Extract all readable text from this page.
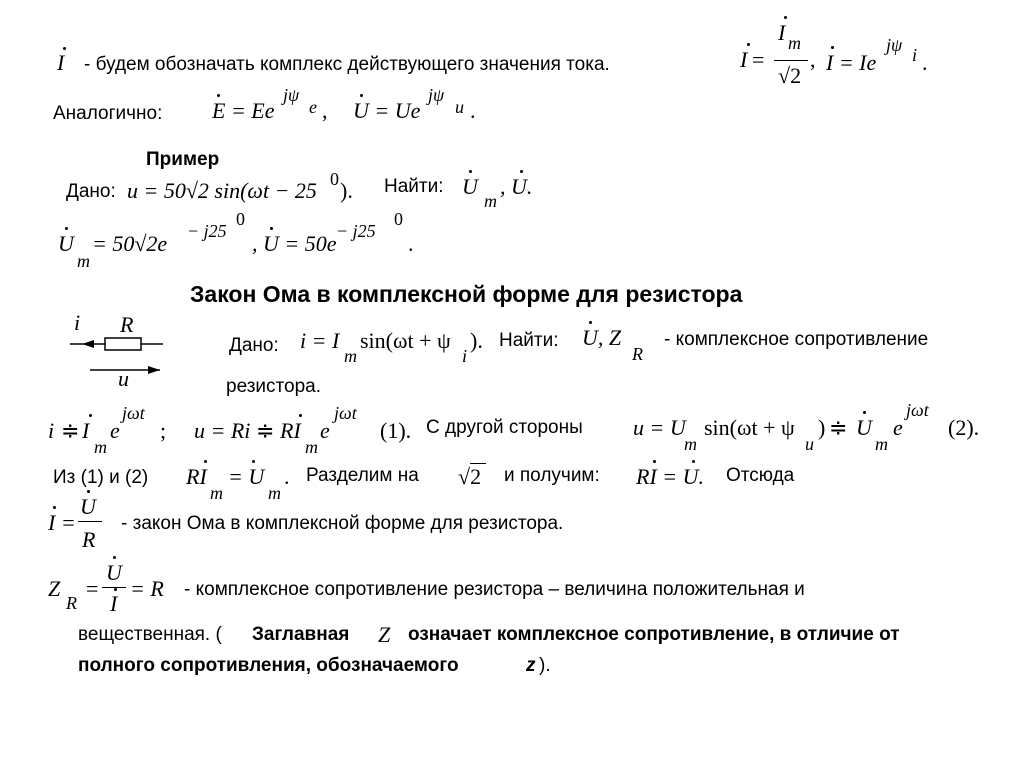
I - будем обозначать комплекс действующего значения тока.	I =
I m
√2
, I = Ie
jψ i .
Аналогично: E = Ee
jψ
e , U = Ue
jψ
u .
Пример
Дано: u = 50√2 sin(ωt − 25 0 ). Найти: U
m
, U.
U
m
= 50√2e − j25
0
, U = 50e − j25
0
.
Закон Ома в комплексной форме для резистора
i R
u
Дано: i = I
m
sin(ωt + ψ
i
). Найти: U, Z
R
- комплексное сопротивление
резистора.
i ≑ I
m
e
jωt
; u = Ri ≑ RI
m
e
jωt
(1). С другой стороны u = U
m
sin(ωt + ψ
u
) ≑ U
m
e
jωt
(2).
Из (1) и (2) RI
m
= U
m
. Разделим на √2 и получим: RI = U. Отсюда
I =
U
R
- закон Ома в комплексной форме для резистора.
Z
R
=
U
I
= R - комплексное сопротивление резистора – величина положительная и
вещественная. ( Заглавная Z означает комплексное сопротивление, в отличие от
полного сопротивления, обозначаемого	z ).
